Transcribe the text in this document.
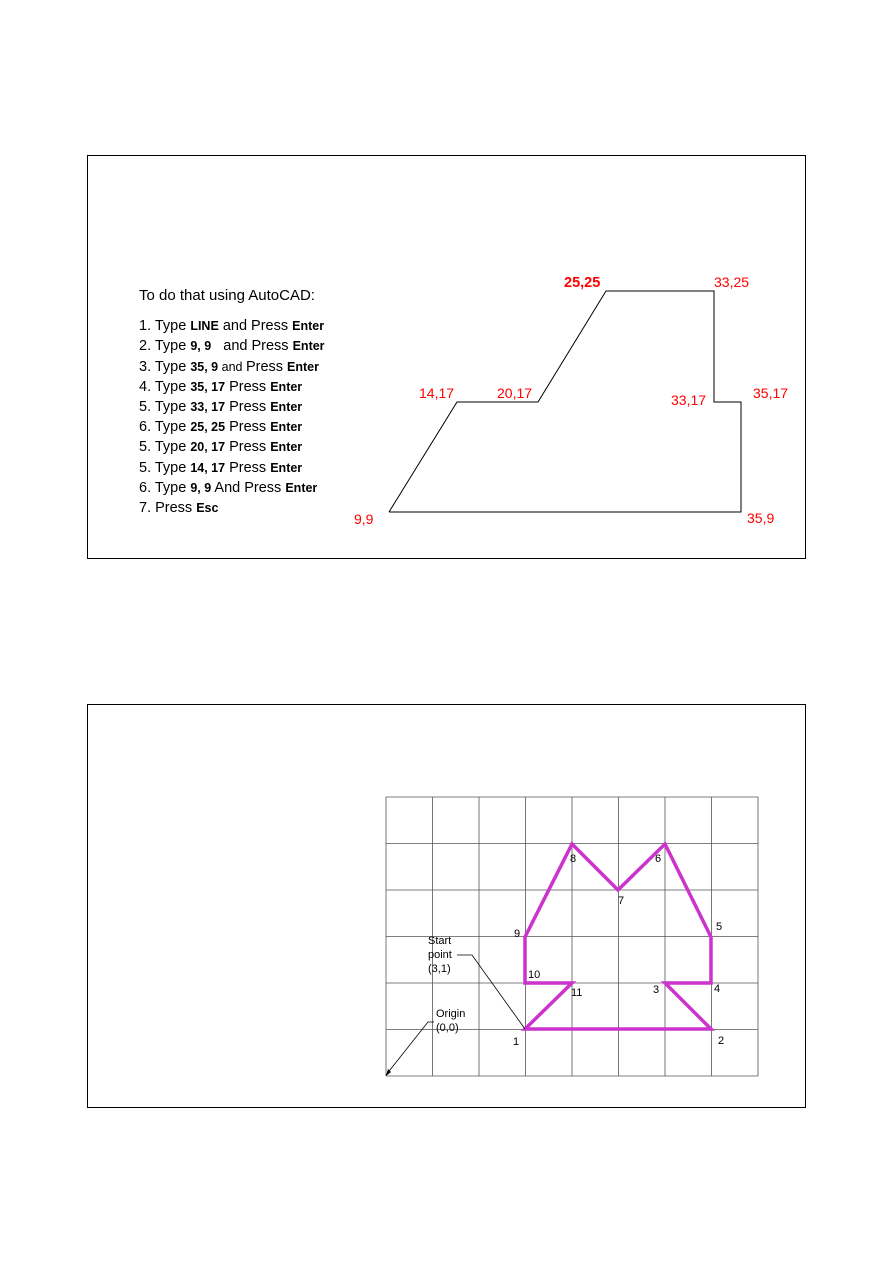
To do that using AutoCAD:
1. Type LINE and Press Enter
2. Type 9, 9   and Press Enter
3. Type 35, 9 and Press Enter
4. Type 35, 17 Press Enter
5. Type 33, 17 Press Enter
6. Type 25, 25 Press Enter
5. Type 20, 17 Press Enter
5. Type 14, 17 Press Enter
6. Type 9, 9 And Press Enter
7. Press Esc
9,9	35,9
35,17
33,17
33,25
25,25
20,17
14,17
1	2
3	4
5
6
7
8
9
10
11
Start
point
(3,1)
Origin
(0,0)
